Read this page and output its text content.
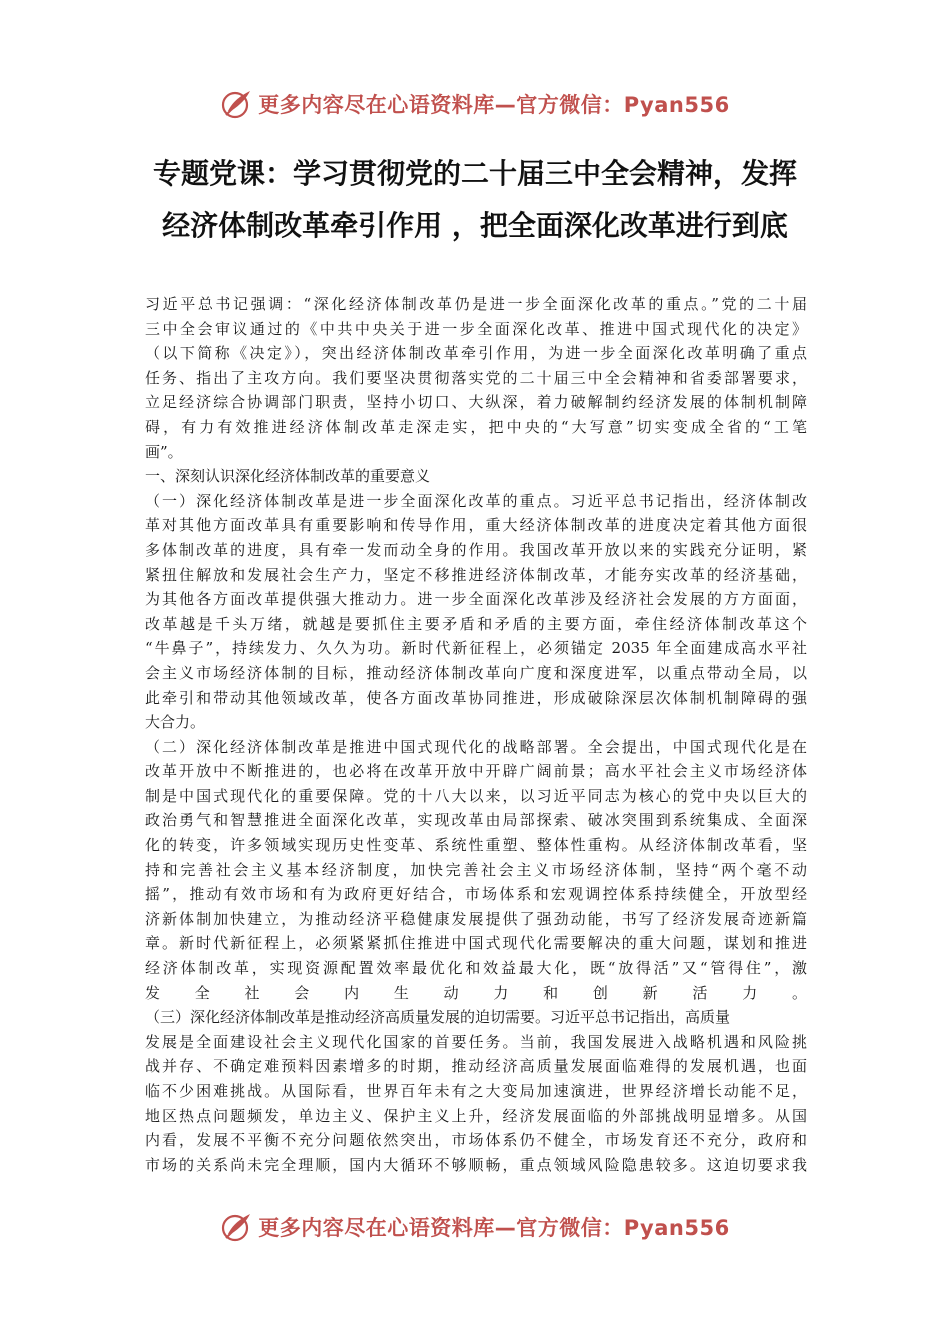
更多内容尽在心语资料库—官方微信：Pyan556
专题党课：学习贯彻党的二十届三中全会精神，发挥
经济体制改革牵引作用 ，把全面深化改革进行到底
习近平总书记强调：“深化经济体制改革仍是进一步全面深化改革的重点。”党的二十届
三中全会审议通过的《中共中央关于进一步全面深化改革、推进中国式现代化的决定》
（以下简称《决定》），突出经济体制改革牵引作用，为进一步全面深化改革明确了重点
任务、指出了主攻方向。我们要坚决贯彻落实党的二十届三中全会精神和省委部署要求，
立足经济综合协调部门职责，坚持小切口、大纵深，着力破解制约经济发展的体制机制障
碍，有力有效推进经济体制改革走深走实，把中央的“大写意”切实变成全省的“工笔
画”。
一、深刻认识深化经济体制改革的重要意义
（一）深化经济体制改革是进一步全面深化改革的重点。习近平总书记指出，经济体制改
革对其他方面改革具有重要影响和传导作用，重大经济体制改革的进度决定着其他方面很
多体制改革的进度，具有牵一发而动全身的作用。我国改革开放以来的实践充分证明，紧
紧扭住解放和发展社会生产力，坚定不移推进经济体制改革，才能夯实改革的经济基础，
为其他各方面改革提供强大推动力。进一步全面深化改革涉及经济社会发展的方方面面，
改革越是千头万绪，就越是要抓住主要矛盾和矛盾的主要方面，牵住经济体制改革这个
“牛鼻子”，持续发力、久久为功。新时代新征程上，必须锚定 2035 年全面建成高水平社
会主义市场经济体制的目标，推动经济体制改革向广度和深度进军，以重点带动全局，以
此牵引和带动其他领域改革，使各方面改革协同推进，形成破除深层次体制机制障碍的强
大合力。
（二）深化经济体制改革是推进中国式现代化的战略部署。全会提出，中国式现代化是在
改革开放中不断推进的，也必将在改革开放中开辟广阔前景；高水平社会主义市场经济体
制是中国式现代化的重要保障。党的十八大以来，以习近平同志为核心的党中央以巨大的
政治勇气和智慧推进全面深化改革，实现改革由局部探索、破冰突围到系统集成、全面深
化的转变，许多领域实现历史性变革、系统性重塑、整体性重构。从经济体制改革看，坚
持和完善社会主义基本经济制度，加快完善社会主义市场经济体制，坚持“两个毫不动
摇”，推动有效市场和有为政府更好结合，市场体系和宏观调控体系持续健全，开放型经
济新体制加快建立，为推动经济平稳健康发展提供了强劲动能，书写了经济发展奇迹新篇
章。新时代新征程上，必须紧紧抓住推进中国式现代化需要解决的重大问题，谋划和推进
经济体制改革，实现资源配置效率最优化和效益最大化，既“放得活”又“管得住”，激
发全社会内生动力和创新活力。
（三）深化经济体制改革是推动经济高质量发展的迫切需要。习近平总书记指出，高质量
发展是全面建设社会主义现代化国家的首要任务。当前，我国发展进入战略机遇和风险挑
战并存、不确定难预料因素增多的时期，推动经济高质量发展面临难得的发展机遇，也面
临不少困难挑战。从国际看，世界百年未有之大变局加速演进，世界经济增长动能不足，
地区热点问题频发，单边主义、保护主义上升，经济发展面临的外部挑战明显增多。从国
内看，发展不平衡不充分问题依然突出，市场体系仍不健全，市场发育还不充分，政府和
市场的关系尚未完全理顺，国内大循环不够顺畅，重点领域风险隐患较多。这迫切要求我
更多内容尽在心语资料库—官方微信：Pyan556
